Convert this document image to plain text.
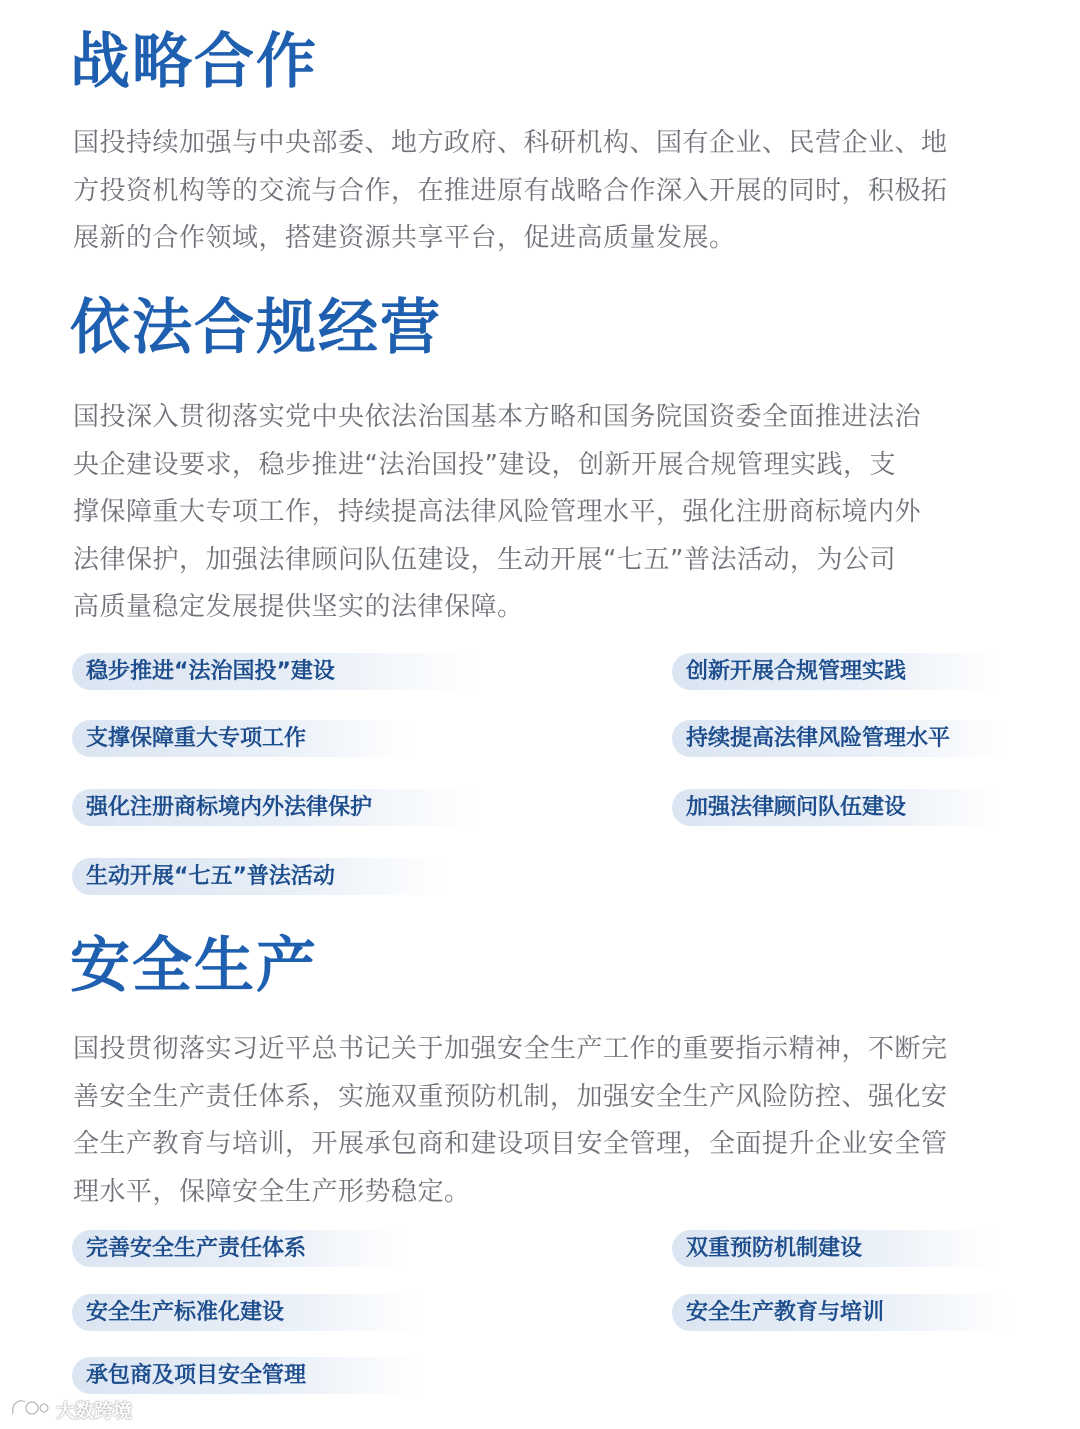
战略合作
国投持续加强与中央部委、地方政府、科研机构、国有企业、民营企业、地
方投资机构等的交流与合作，在推进原有战略合作深入开展的同时，积极拓
展新的合作领域，搭建资源共享平台，促进高质量发展。
依法合规经营
国投深入贯彻落实党中央依法治国基本方略和国务院国资委全面推进法治
央企建设要求，稳步推进“法治国投”建设，创新开展合规管理实践，支
撑保障重大专项工作，持续提高法律风险管理水平，强化注册商标境内外
法律保护，加强法律顾问队伍建设，生动开展“七五”普法活动，为公司
高质量稳定发展提供坚实的法律保障。
稳步推进“法治国投”建设	创新开展合规管理实践
支撑保障重大专项工作	持续提高法律风险管理水平
强化注册商标境内外法律保护	加强法律顾问队伍建设
生动开展“七五”普法活动
安全生产
国投贯彻落实习近平总书记关于加强安全生产工作的重要指示精神，不断完
善安全生产责任体系，实施双重预防机制，加强安全生产风险防控、强化安
全生产教育与培训，开展承包商和建设项目安全管理，全面提升企业安全管
理水平，保障安全生产形势稳定。
完善安全生产责任体系	双重预防机制建设
安全生产标准化建设	安全生产教育与培训
承包商及项目安全管理
大数跨境
